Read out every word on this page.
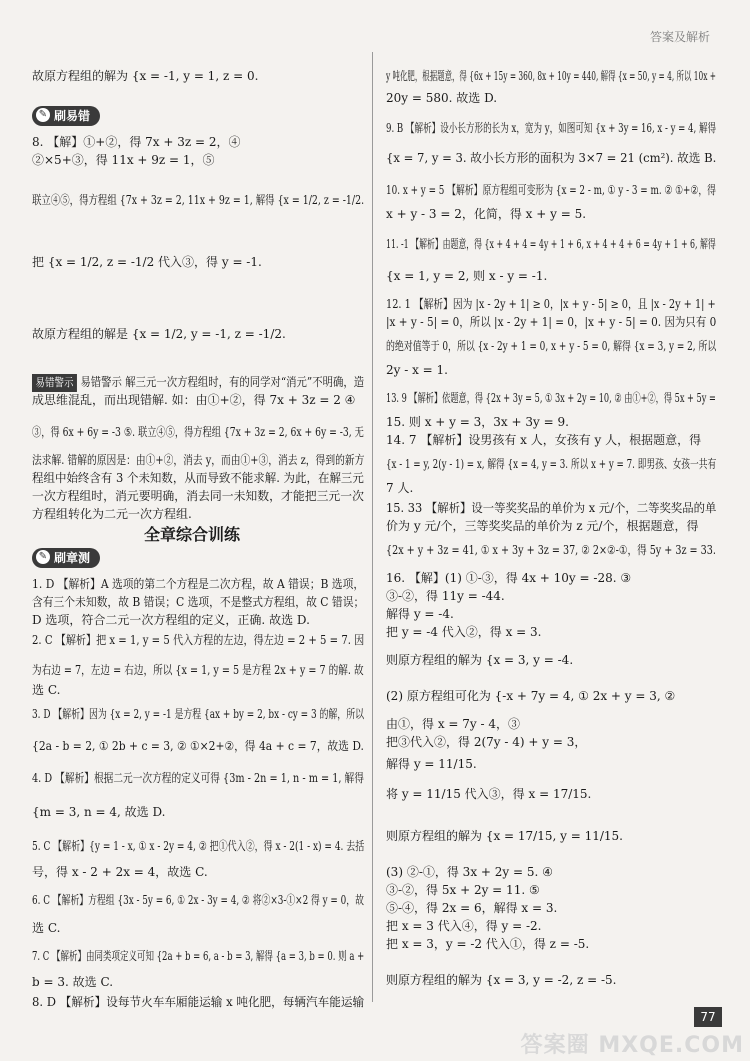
答案及解析
故原方程组的解为 {x = -1, y = 1, z = 0.
✎ 刷易错
8. 【解】①+②，得 7x + 3z = 2，④
②×5+③，得 11x + 9z = 1，⑤
联立④⑤，得方程组 {7x + 3z = 2, 11x + 9z = 1, 解得 {x = 1/2, z = -1/2.
把 {x = 1/2, z = -1/2 代入③，得 y = -1.
故原方程组的解是 {x = 1/2, y = -1, z = -1/2.
易错警示 易错警示 解三元一次方程组时，有的同学对“消元”不明确，造
成思维混乱，而出现错解. 如：由①+②，得 7x + 3z = 2 ④
③，得 6x + 6y = -3 ⑤. 联立④⑤，得方程组 {7x + 3z = 2, 6x + 6y = -3, 无
法求解. 错解的原因是：由①+②，消去 y，而由①+③，消去 z，得到的新方
程组中始终含有 3 个未知数，从而导致不能求解. 为此，在解三元
一次方程组时，消元要明确，消去同一未知数，才能把三元一次
方程组转化为二元一次方程组.
全章综合训练
✎ 刷章测
1. D 【解析】A 选项的第二个方程是二次方程，故 A 错误；B 选项，
含有三个未知数，故 B 错误；C 选项，不是整式方程组，故 C 错误；
D 选项，符合二元一次方程组的定义，正确. 故选 D.
2. C 【解析】把 x = 1, y = 5 代入方程的左边，得左边 = 2 + 5 = 7. 因
为右边 = 7，左边 = 右边，所以 {x = 1, y = 5 是方程 2x + y = 7 的解. 故
选 C.
3. D 【解析】因为 {x = 2, y = -1 是方程 {ax + by = 2, bx - cy = 3 的解，所以
{2a - b = 2, ① 2b + c = 3, ② ①×2+②，得 4a + c = 7，故选 D.
4. D 【解析】根据二元一次方程的定义可得 {3m - 2n = 1, n - m = 1, 解得
{m = 3, n = 4, 故选 D.
5. C 【解析】{y = 1 - x, ① x - 2y = 4, ② 把①代入②，得 x - 2(1 - x) = 4. 去括
号，得 x - 2 + 2x = 4，故选 C.
6. C 【解析】方程组 {3x - 5y = 6, ① 2x - 3y = 4, ② 将②×3-①×2 得 y = 0，故
选 C.
7. C 【解析】由同类项定义可知 {2a + b = 6, a - b = 3, 解得 {a = 3, b = 0. 则 a +
b = 3. 故选 C.
8. D 【解析】设每节火车车厢能运输 x 吨化肥，每辆汽车能运输
y 吨化肥，根据题意，得 {6x + 15y = 360, 8x + 10y = 440, 解得 {x = 50, y = 4, 所以 10x +
20y = 580. 故选 D.
9. B 【解析】设小长方形的长为 x，宽为 y，如图可知 {x + 3y = 16, x - y = 4, 解得
{x = 7, y = 3. 故小长方形的面积为 3×7 = 21 (cm²). 故选 B.
10. x + y = 5 【解析】原方程组可变形为 {x = 2 - m, ① y - 3 = m. ② ①+②，得
x + y - 3 = 2，化简，得 x + y = 5.
11. -1 【解析】由题意，得 {x + 4 + 4 = 4y + 1 + 6, x + 4 + 4 + 6 = 4y + 1 + 6, 解得
{x = 1, y = 2, 则 x - y = -1.
12. 1 【解析】因为 |x - 2y + 1| ≥ 0，|x + y - 5| ≥ 0，且 |x - 2y + 1| +
|x + y - 5| = 0，所以 |x - 2y + 1| = 0，|x + y - 5| = 0. 因为只有 0
的绝对值等于 0，所以 {x - 2y + 1 = 0, x + y - 5 = 0, 解得 {x = 3, y = 2, 所以
2y - x = 1.
13. 9 【解析】依题意，得 {2x + 3y = 5, ① 3x + 2y = 10, ② 由①+②，得 5x + 5y =
15. 则 x + y = 3，3x + 3y = 9.
14. 7 【解析】设男孩有 x 人，女孩有 y 人，根据题意，得
{x - 1 = y, 2(y - 1) = x, 解得 {x = 4, y = 3. 所以 x + y = 7. 即男孩、女孩一共有
7 人.
15. 33 【解析】设一等奖奖品的单价为 x 元/个，二等奖奖品的单
价为 y 元/个，三等奖奖品的单价为 z 元/个，根据题意，得
{2x + y + 3z = 41, ① x + 3y + 3z = 37, ② 2×②-①，得 5y + 3z = 33.
16. 【解】(1) ①-③，得 4x + 10y = -28. ③
③-②，得 11y = -44.
解得 y = -4.
把 y = -4 代入②，得 x = 3.
则原方程组的解为 {x = 3, y = -4.
(2) 原方程组可化为 {-x + 7y = 4, ① 2x + y = 3, ②
由①，得 x = 7y - 4，③
把③代入②，得 2(7y - 4) + y = 3，
解得 y = 11/15.
将 y = 11/15 代入③，得 x = 17/15.
则原方程组的解为 {x = 17/15, y = 11/15.
(3) ②-①，得 3x + 2y = 5. ④
③-②，得 5x + 2y = 11. ⑤
⑤-④，得 2x = 6，解得 x = 3.
把 x = 3 代入④，得 y = -2.
把 x = 3，y = -2 代入①，得 z = -5.
则原方程组的解为 {x = 3, y = -2, z = -5.
77
答案圈 MXQE.COM
